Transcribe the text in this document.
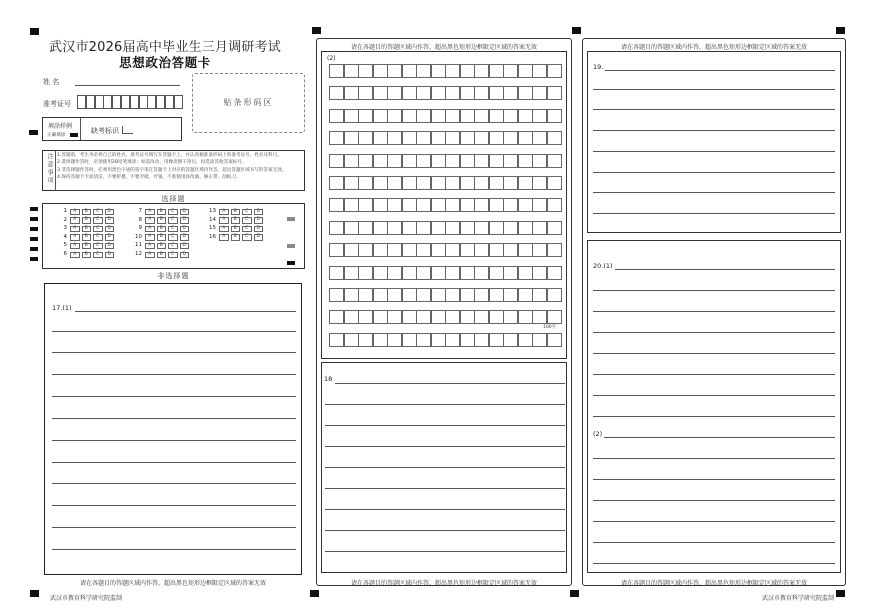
武汉市2026届高中毕业生三月调研考试
思想政治答题卡
姓 名
准考证号	贴条形码区
填涂样例
正确填涂
缺考标识
注意事项 1.答题前，考生务必将自己的姓名、准考证号填写在答题卡上，并认真核准条形码上的准考证号、姓名及科目。
2.选择题作答时，必须使用2B铅笔填涂；如需改动，用橡皮擦干净后，再选涂其他答案标号。
3.非选择题作答时，必须用黑色字迹的签字笔在答题卡上对应的答题区域内作答，超出答题区域书写的答案无效。
4.保持答题卡卡面清洁，不要折叠，不要弄破、弄皱，不准使用涂改液、修正带、刮纸刀。
选择题
1	A	B	C	D
2	A	B	C	D
3	A	B	C	D
4	A	B	C	D
5	A	B	C	D
6	A	B	C	D
7	A	B	C	D
8	A	B	C	D
9	A	B	C	D
10	A	B	C	D
11	A	B	C	D
12	A	B	C	D
13	A	B	C	D
14	A	B	C	D
15	A	B	C	D
16	A	B	C	D
非选择题
17.(1)
请在各题目的答题区域内作答，超出黑色矩形边框限定区域的答案无效
武汉市教育科学研究院监制
请在各题目的答题区域内作答，超出黑色矩形边框限定区域的答案无效
(2)
100字
18
请在各题目的答题区域内作答，超出黑色矩形边框限定区域的答案无效
请在各题目的答题区域内作答，超出黑色矩形边框限定区域的答案无效
19.
20.(1)
(2)
请在各题目的答题区域内作答，超出黑色矩形边框限定区域的答案无效
武汉市教育科学研究院监制
